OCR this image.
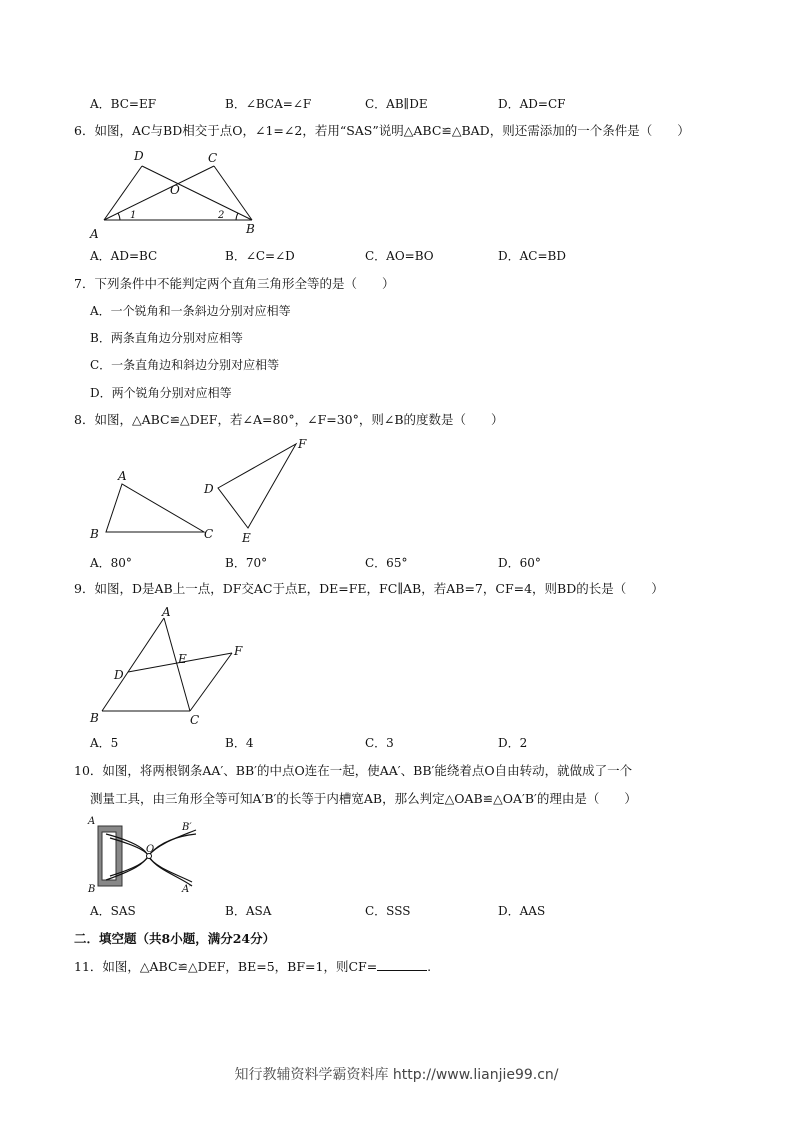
A．BC=EF	B．∠BCA=∠F	C．AB∥DE	D．AD=CF
6．如图，AC与BD相交于点O，∠1=∠2，若用“SAS”说明△ABC≌△BAD，则还需添加的一个条件是（　　）
D	C
O
A	B
1	2
A．AD=BC	B．∠C=∠D	C．AO=BO	D．AC=BD
7．下列条件中不能判定两个直角三角形全等的是（　　）
A．一个锐角和一条斜边分别对应相等
B．两条直角边分别对应相等
C．一条直角边和斜边分别对应相等
D．两个锐角分别对应相等
8．如图，△ABC≌△DEF，若∠A=80°，∠F=30°，则∠B的度数是（　　）
A
B	C
D
E
F
A．80°	B．70°	C．65°	D．60°
9．如图，D是AB上一点，DF交AC于点E，DE=FE，FC∥AB，若AB=7，CF=4，则BD的长是（　　）
A
D
E
F
B	C
A．5	B．4	C．3	D．2
10．如图，将两根钢条AA′、BB′的中点O连在一起，使AA′、BB′能绕着点O自由转动，就做成了一个
测量工具，由三角形全等可知A′B′的长等于内槽宽AB，那么判定△OAB≌△OA′B′的理由是（　　）
A
B
O
B′
A′
A．SAS	B．ASA	C．SSS	D．AAS
二．填空题（共8小题，满分24分）
11．如图，△ABC≌△DEF，BE=5，BF=1，则CF=	.
知行教辅资料学霸资料库 http://www.lianjie99.cn/
